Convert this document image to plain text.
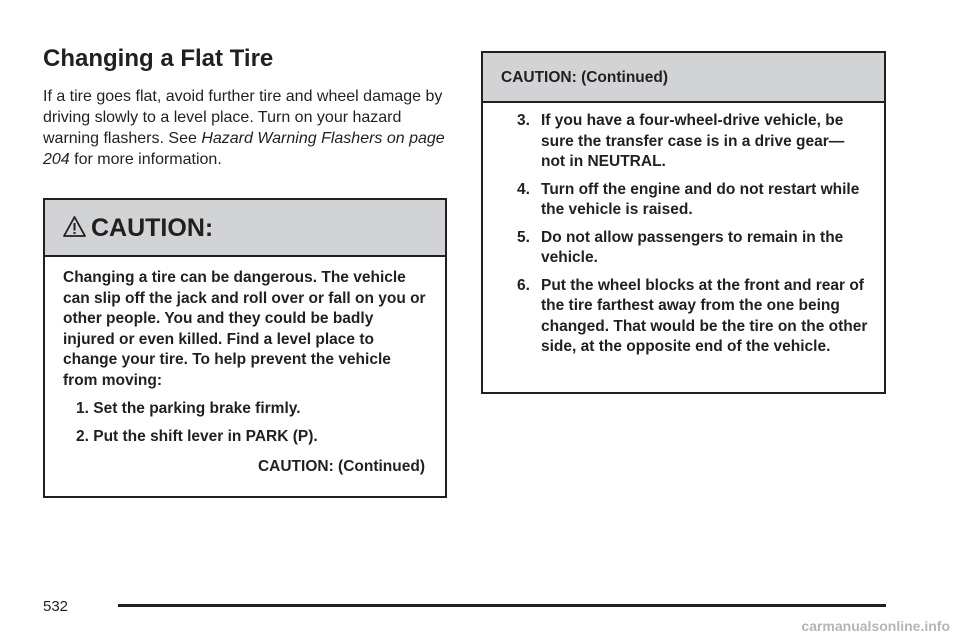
Changing a Flat Tire

If a tire goes flat, avoid further tire and wheel damage by driving slowly to a level place. Turn on your hazard warning flashers. See Hazard Warning Flashers on page 204 for more information.

CAUTION:

Changing a tire can be dangerous. The vehicle can slip off the jack and roll over or fall on you or other people. You and they could be badly injured or even killed. Find a level place to change your tire. To help prevent the vehicle from moving:

1. Set the parking brake firmly.
2. Put the shift lever in PARK (P).
CAUTION: (Continued)
CAUTION: (Continued)
3. If you have a four-wheel-drive vehicle, be sure the transfer case is in a drive gear— not in NEUTRAL.
4. Turn off the engine and do not restart while the vehicle is raised.
5. Do not allow passengers to remain in the vehicle.
6. Put the wheel blocks at the front and rear of the tire farthest away from the one being changed. That would be the tire on the other side, at the opposite end of the vehicle.
532
carmanualsonline.info
